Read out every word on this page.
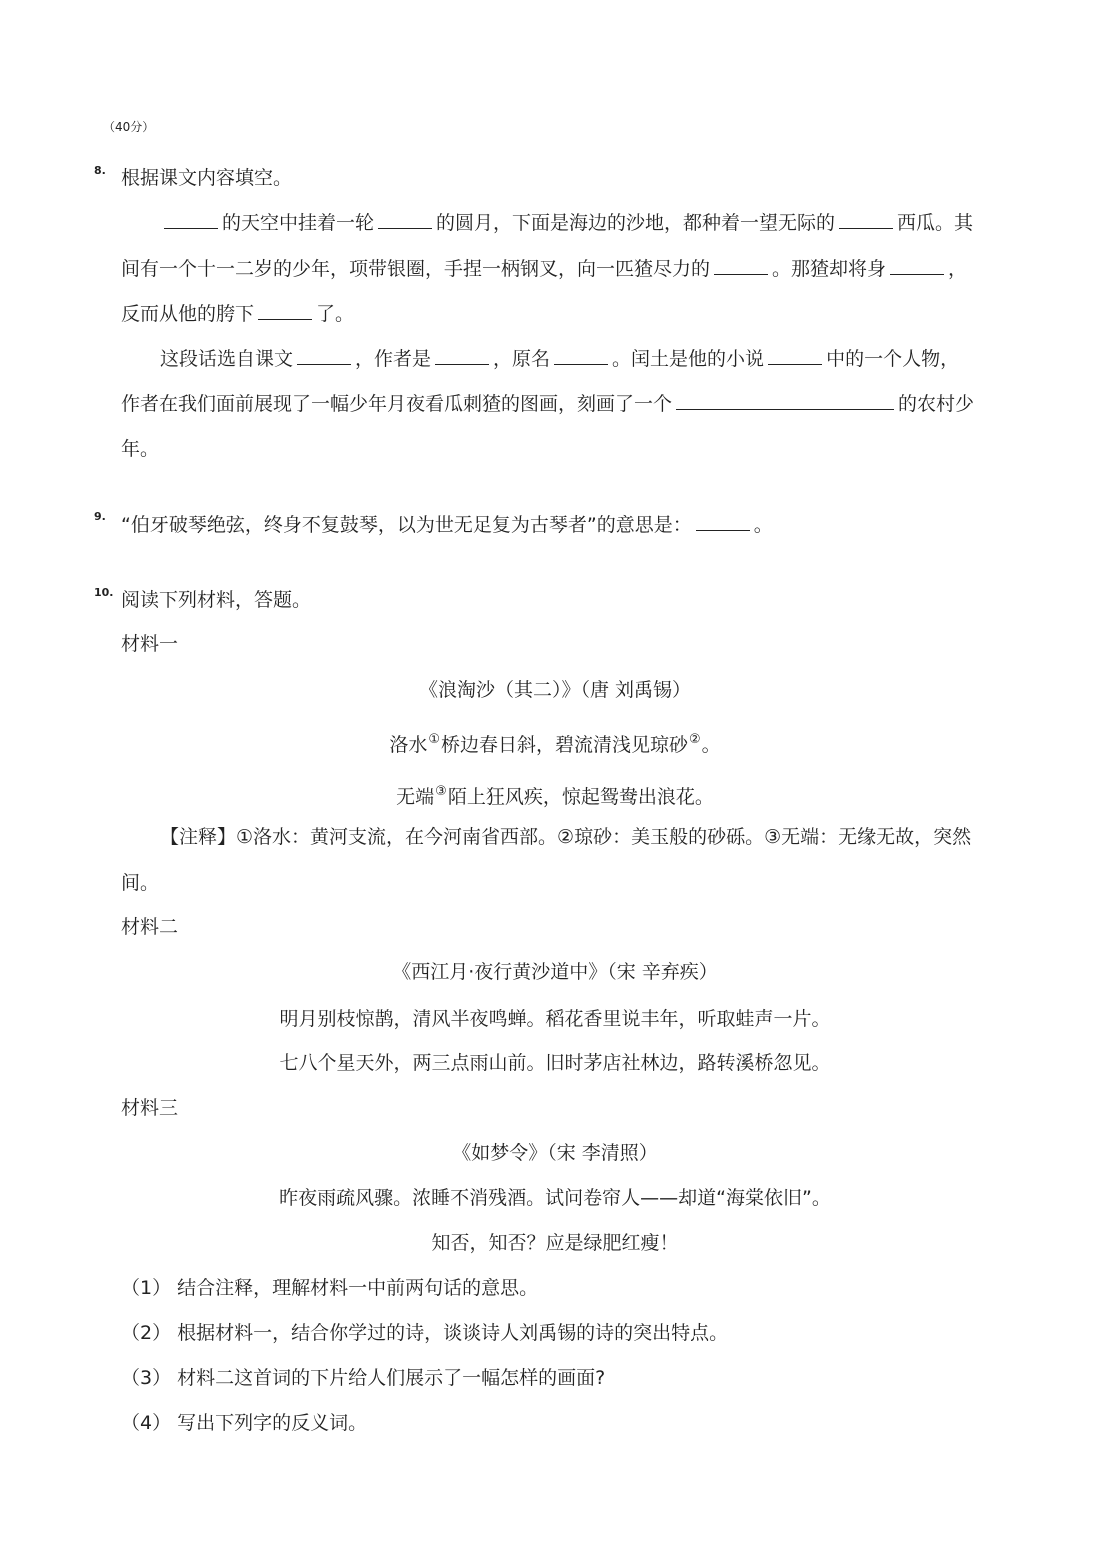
（40分）
8. 根据课文内容填空。
的天空中挂着一轮	的圆月，下面是海边的沙地，都种着一望无际的	西瓜。其
间有一个十一二岁的少年，项带银圈，手捏一柄钢叉，向一匹猹尽力的	。那猹却将身	，
反而从他的胯下	了。
这段话选自课文	，作者是	，原名	。闰土是他的小说	中的一个人物，
作者在我们面前展现了一幅少年月夜看瓜刺猹的图画，刻画了一个	的农村少
年。
9. “伯牙破琴绝弦，终身不复鼓琴，以为世无足复为古琴者”的意思是：	。
10. 阅读下列材料，答题。
材料一
《浪淘沙（其二）》（唐 刘禹锡）
洛水①桥边春日斜，碧流清浅见琼砂②。
无端③陌上狂风疾，惊起鸳鸯出浪花。
【注释】①洛水：黄河支流，在今河南省西部。②琼砂：美玉般的砂砾。③无端：无缘无故，突然
间。
材料二
《西江月·夜行黄沙道中》（宋 辛弃疾）
明月别枝惊鹊，清风半夜鸣蝉。稻花香里说丰年，听取蛙声一片。
七八个星天外，两三点雨山前。旧时茅店社林边，路转溪桥忽见。
材料三
《如梦令》（宋 李清照）
昨夜雨疏风骤。浓睡不消残酒。试问卷帘人——却道“海棠依旧”。
知否，知否？应是绿肥红瘦！
（1） 结合注释，理解材料一中前两句话的意思。
（2） 根据材料一，结合你学过的诗，谈谈诗人刘禹锡的诗的突出特点。
（3） 材料二这首词的下片给人们展示了一幅怎样的画面?
（4） 写出下列字的反义词。
